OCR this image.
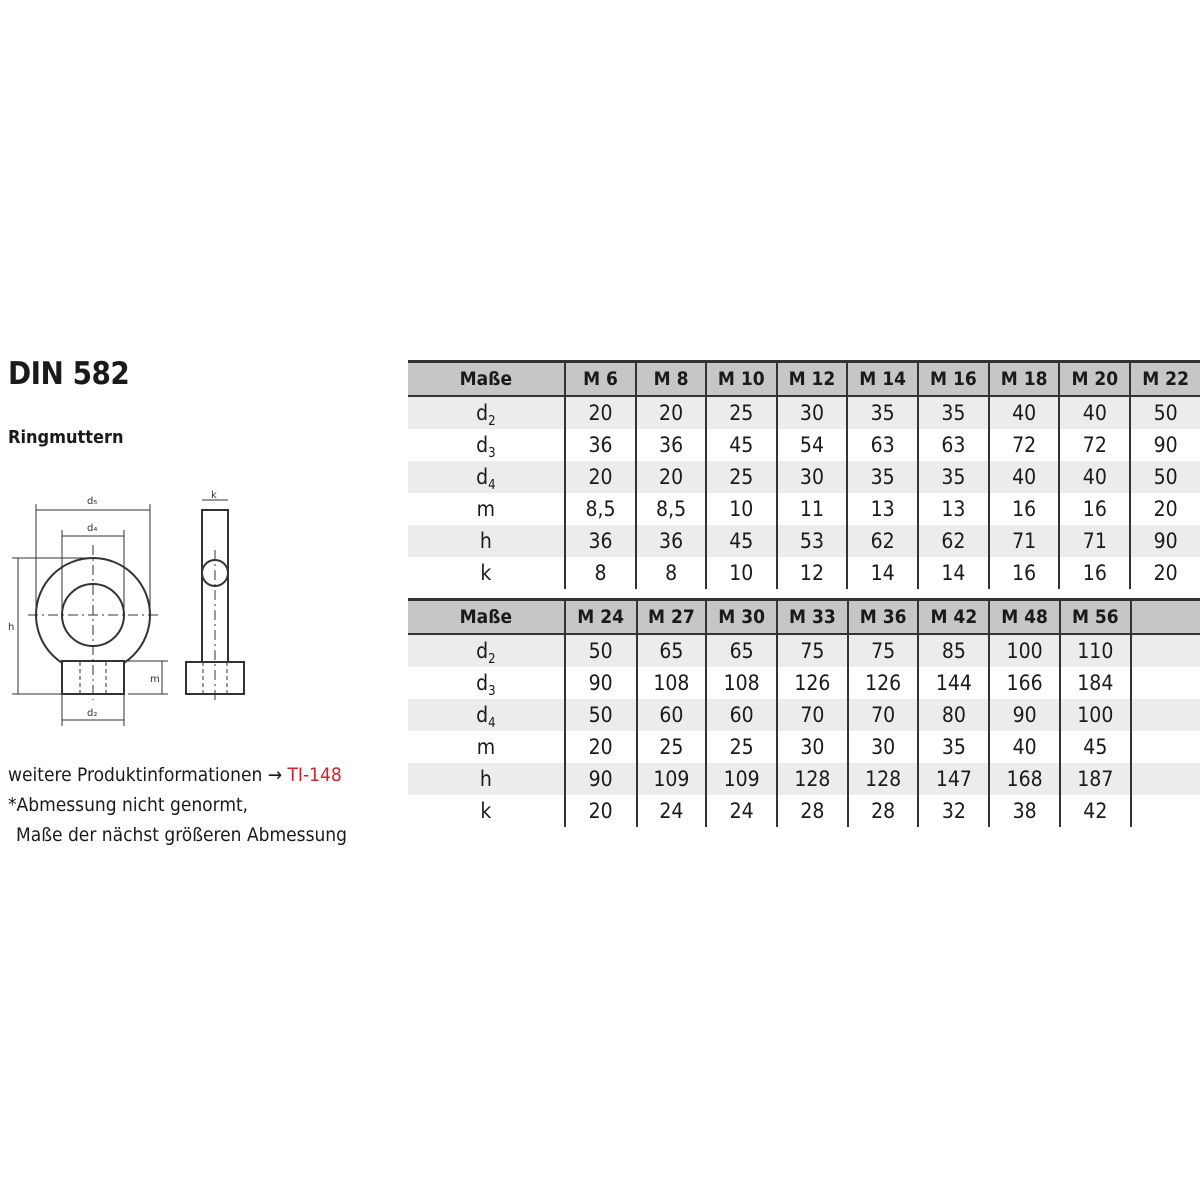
DIN 582
Ringmuttern
d₅
d₄
h
d₂
m
k
weitere Produktinformationen → TI-148
*Abmessung nicht genormt,
Maße der nächst größeren Abmessung
Maße	M 6	M 8	M 10	M 12	M 14	M 16	M 18	M 20	M 22
$d_2$	20	20	25	30	35	35	40	40	50
$d_3$	36	36	45	54	63	63	72	72	90
$d_4$	20	20	25	30	35	35	40	40	50
m	8,5	8,5	10	11	13	13	16	16	20
h	36	36	45	53	62	62	71	71	90
k	8	8	10	12	14	14	16	16	20
Maße	M 24	M 27	M 30	M 33	M 36	M 42	M 48	M 56	
$d_2$	50	65	65	75	75	85	100	110	
$d_3$	90	108	108	126	126	144	166	184	
$d_4$	50	60	60	70	70	80	90	100	
m	20	25	25	30	30	35	40	45	
h	90	109	109	128	128	147	168	187	
k	20	24	24	28	28	32	38	42	
